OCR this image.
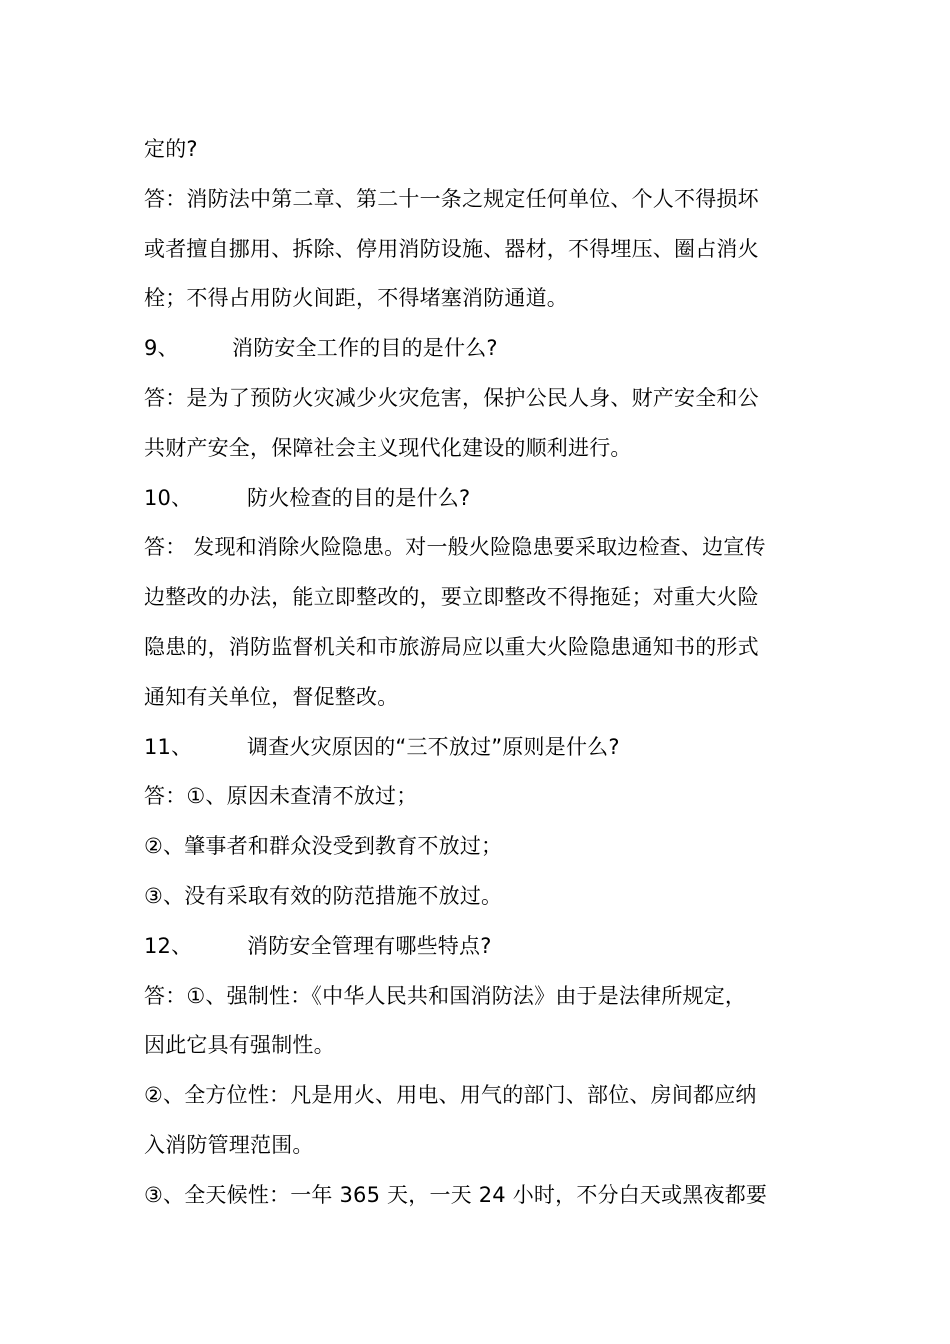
定的?
答：消防法中第二章、第二十一条之规定任何单位、个人不得损坏
或者擅自挪用、拆除、停用消防设施、器材，不得埋压、圈占消火
栓；不得占用防火间距，不得堵塞消防通道。
9、	消防安全工作的目的是什么?
答：是为了预防火灾减少火灾危害，保护公民人身、财产安全和公
共财产安全，保障社会主义现代化建设的顺利进行。
10、	防火检查的目的是什么?
答： 发现和消除火险隐患。对一般火险隐患要采取边检查、边宣传
边整改的办法，能立即整改的，要立即整改不得拖延；对重大火险
隐患的，消防监督机关和市旅游局应以重大火险隐患通知书的形式
通知有关单位，督促整改。
11、	调查火灾原因的“三不放过”原则是什么?
答：①、原因未查清不放过；
②、肇事者和群众没受到教育不放过；
③、没有采取有效的防范措施不放过。
12、	消防安全管理有哪些特点?
答：①、强制性：《中华人民共和国消防法》由于是法律所规定，
因此它具有强制性。
②、全方位性：凡是用火、用电、用气的部门、部位、房间都应纳
入消防管理范围。
③、全天候性：一年 365 天，一天 24 小时，不分白天或黑夜都要
